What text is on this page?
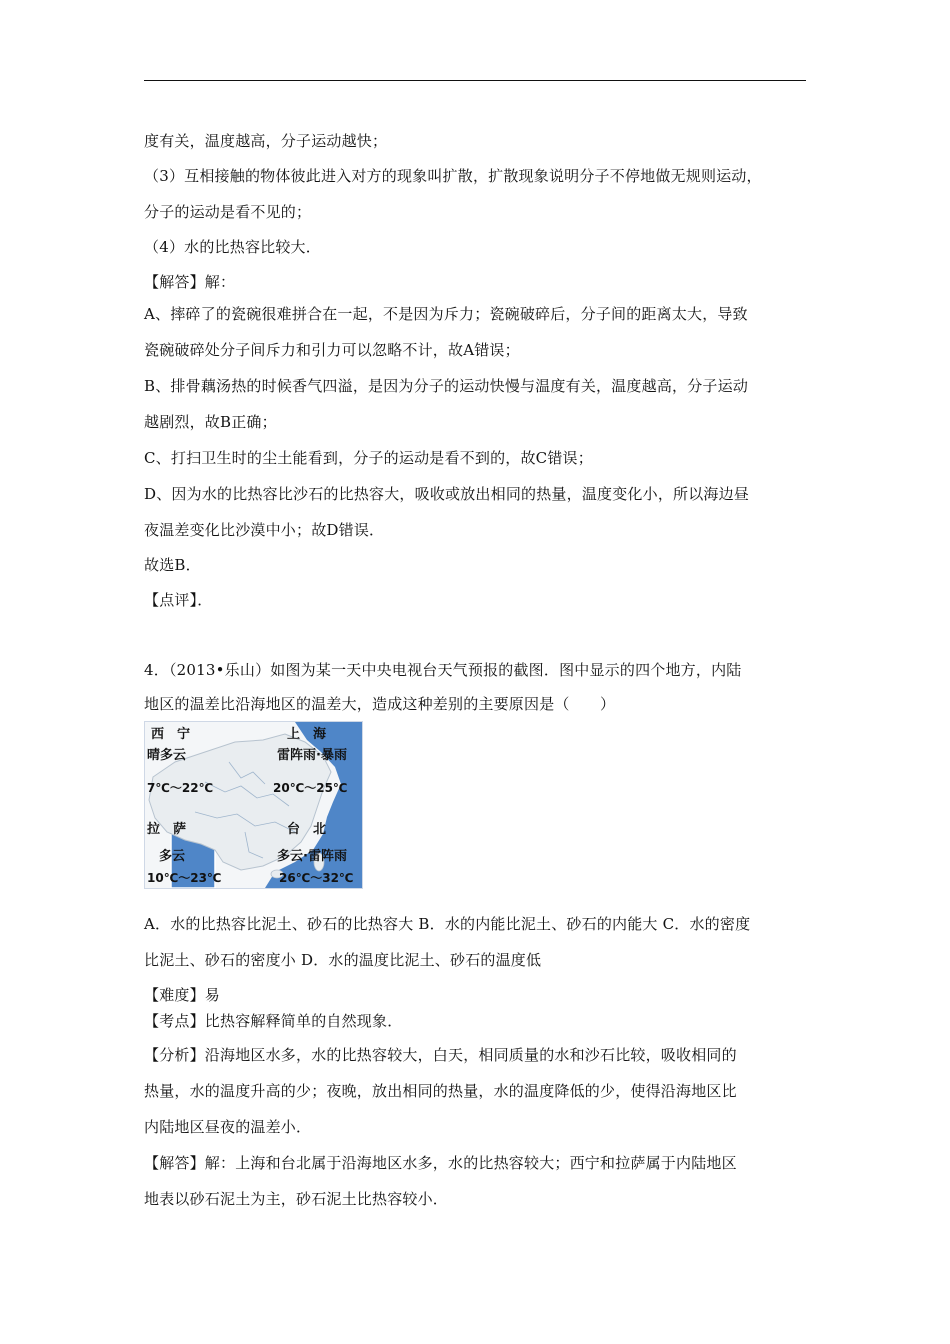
度有关，温度越高，分子运动越快；
（3）互相接触的物体彼此进入对方的现象叫扩散，扩散现象说明分子不停地做无规则运动，
分子的运动是看不见的；
（4）水的比热容比较大．
【解答】解：
A、摔碎了的瓷碗很难拼合在一起，不是因为斥力；瓷碗破碎后，分子间的距离太大，导致
瓷碗破碎处分子间斥力和引力可以忽略不计，故A错误；
B、排骨藕汤热的时候香气四溢，是因为分子的运动快慢与温度有关，温度越高，分子运动
越剧烈，故B正确；
C、打扫卫生时的尘土能看到，分子的运动是看不到的，故C错误；
D、因为水的比热容比沙石的比热容大，吸收或放出相同的热量，温度变化小，所以海边昼
夜温差变化比沙漠中小；故D错误．
故选B．
【点评】．
4．（2013•乐山）如图为某一天中央电视台天气预报的截图．图中显示的四个地方，内陆
地区的温差比沿海地区的温差大，造成这种差别的主要原因是（　　）
西　宁
晴多云
7℃～22℃
上　海
雷阵雨·暴雨
20℃～25℃
拉　萨
多云
10℃～23℃
台　北
多云·雷阵雨
26℃～32℃
A．水的比热容比泥土、砂石的比热容大 B．水的内能比泥土、砂石的内能大 C．水的密度
比泥土、砂石的密度小 D．水的温度比泥土、砂石的温度低
【难度】易
【考点】比热容解释简单的自然现象．
【分析】沿海地区水多，水的比热容较大，白天，相同质量的水和沙石比较，吸收相同的
热量，水的温度升高的少；夜晚，放出相同的热量，水的温度降低的少，使得沿海地区比
内陆地区昼夜的温差小．
【解答】解：上海和台北属于沿海地区水多，水的比热容较大；西宁和拉萨属于内陆地区
地表以砂石泥土为主，砂石泥土比热容较小．
